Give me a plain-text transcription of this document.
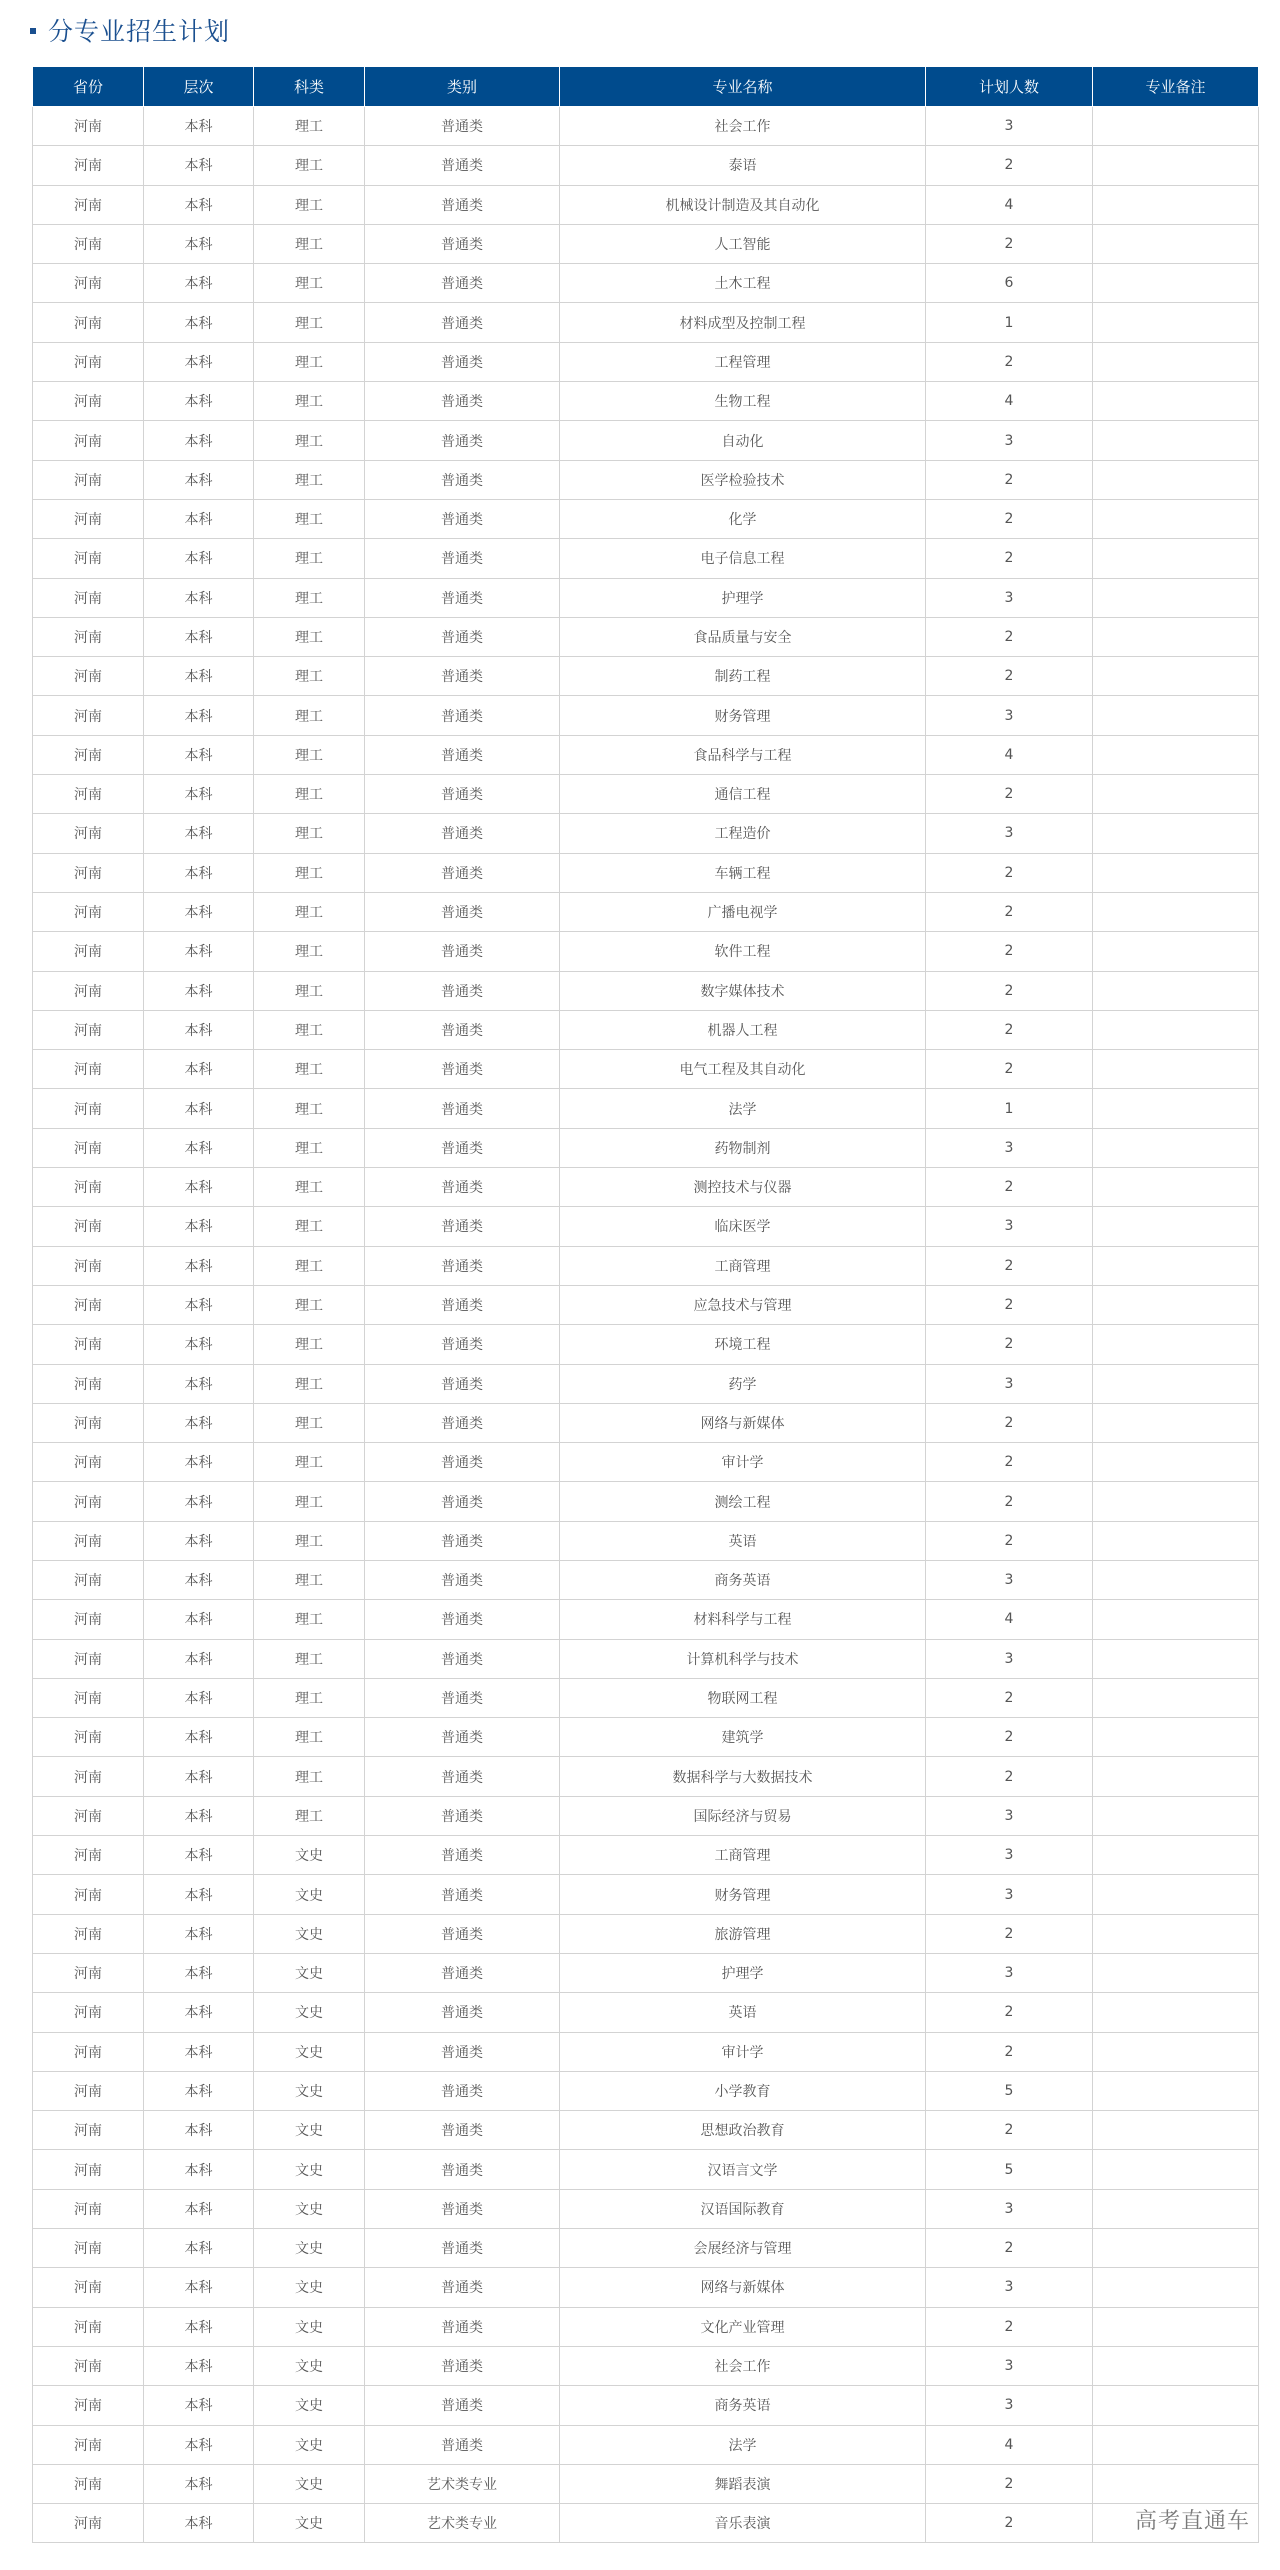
分专业招生计划
省份	层次	科类	类别	专业名称	计划人数	专业备注
河南	本科	理工	普通类	社会工作	3	
河南	本科	理工	普通类	泰语	2	
河南	本科	理工	普通类	机械设计制造及其自动化	4	
河南	本科	理工	普通类	人工智能	2	
河南	本科	理工	普通类	土木工程	6	
河南	本科	理工	普通类	材料成型及控制工程	1	
河南	本科	理工	普通类	工程管理	2	
河南	本科	理工	普通类	生物工程	4	
河南	本科	理工	普通类	自动化	3	
河南	本科	理工	普通类	医学检验技术	2	
河南	本科	理工	普通类	化学	2	
河南	本科	理工	普通类	电子信息工程	2	
河南	本科	理工	普通类	护理学	3	
河南	本科	理工	普通类	食品质量与安全	2	
河南	本科	理工	普通类	制药工程	2	
河南	本科	理工	普通类	财务管理	3	
河南	本科	理工	普通类	食品科学与工程	4	
河南	本科	理工	普通类	通信工程	2	
河南	本科	理工	普通类	工程造价	3	
河南	本科	理工	普通类	车辆工程	2	
河南	本科	理工	普通类	广播电视学	2	
河南	本科	理工	普通类	软件工程	2	
河南	本科	理工	普通类	数字媒体技术	2	
河南	本科	理工	普通类	机器人工程	2	
河南	本科	理工	普通类	电气工程及其自动化	2	
河南	本科	理工	普通类	法学	1	
河南	本科	理工	普通类	药物制剂	3	
河南	本科	理工	普通类	测控技术与仪器	2	
河南	本科	理工	普通类	临床医学	3	
河南	本科	理工	普通类	工商管理	2	
河南	本科	理工	普通类	应急技术与管理	2	
河南	本科	理工	普通类	环境工程	2	
河南	本科	理工	普通类	药学	3	
河南	本科	理工	普通类	网络与新媒体	2	
河南	本科	理工	普通类	审计学	2	
河南	本科	理工	普通类	测绘工程	2	
河南	本科	理工	普通类	英语	2	
河南	本科	理工	普通类	商务英语	3	
河南	本科	理工	普通类	材料科学与工程	4	
河南	本科	理工	普通类	计算机科学与技术	3	
河南	本科	理工	普通类	物联网工程	2	
河南	本科	理工	普通类	建筑学	2	
河南	本科	理工	普通类	数据科学与大数据技术	2	
河南	本科	理工	普通类	国际经济与贸易	3	
河南	本科	文史	普通类	工商管理	3	
河南	本科	文史	普通类	财务管理	3	
河南	本科	文史	普通类	旅游管理	2	
河南	本科	文史	普通类	护理学	3	
河南	本科	文史	普通类	英语	2	
河南	本科	文史	普通类	审计学	2	
河南	本科	文史	普通类	小学教育	5	
河南	本科	文史	普通类	思想政治教育	2	
河南	本科	文史	普通类	汉语言文学	5	
河南	本科	文史	普通类	汉语国际教育	3	
河南	本科	文史	普通类	会展经济与管理	2	
河南	本科	文史	普通类	网络与新媒体	3	
河南	本科	文史	普通类	文化产业管理	2	
河南	本科	文史	普通类	社会工作	3	
河南	本科	文史	普通类	商务英语	3	
河南	本科	文史	普通类	法学	4	
河南	本科	文史	艺术类专业	舞蹈表演	2	
河南	本科	文史	艺术类专业	音乐表演	2		高考直通车
